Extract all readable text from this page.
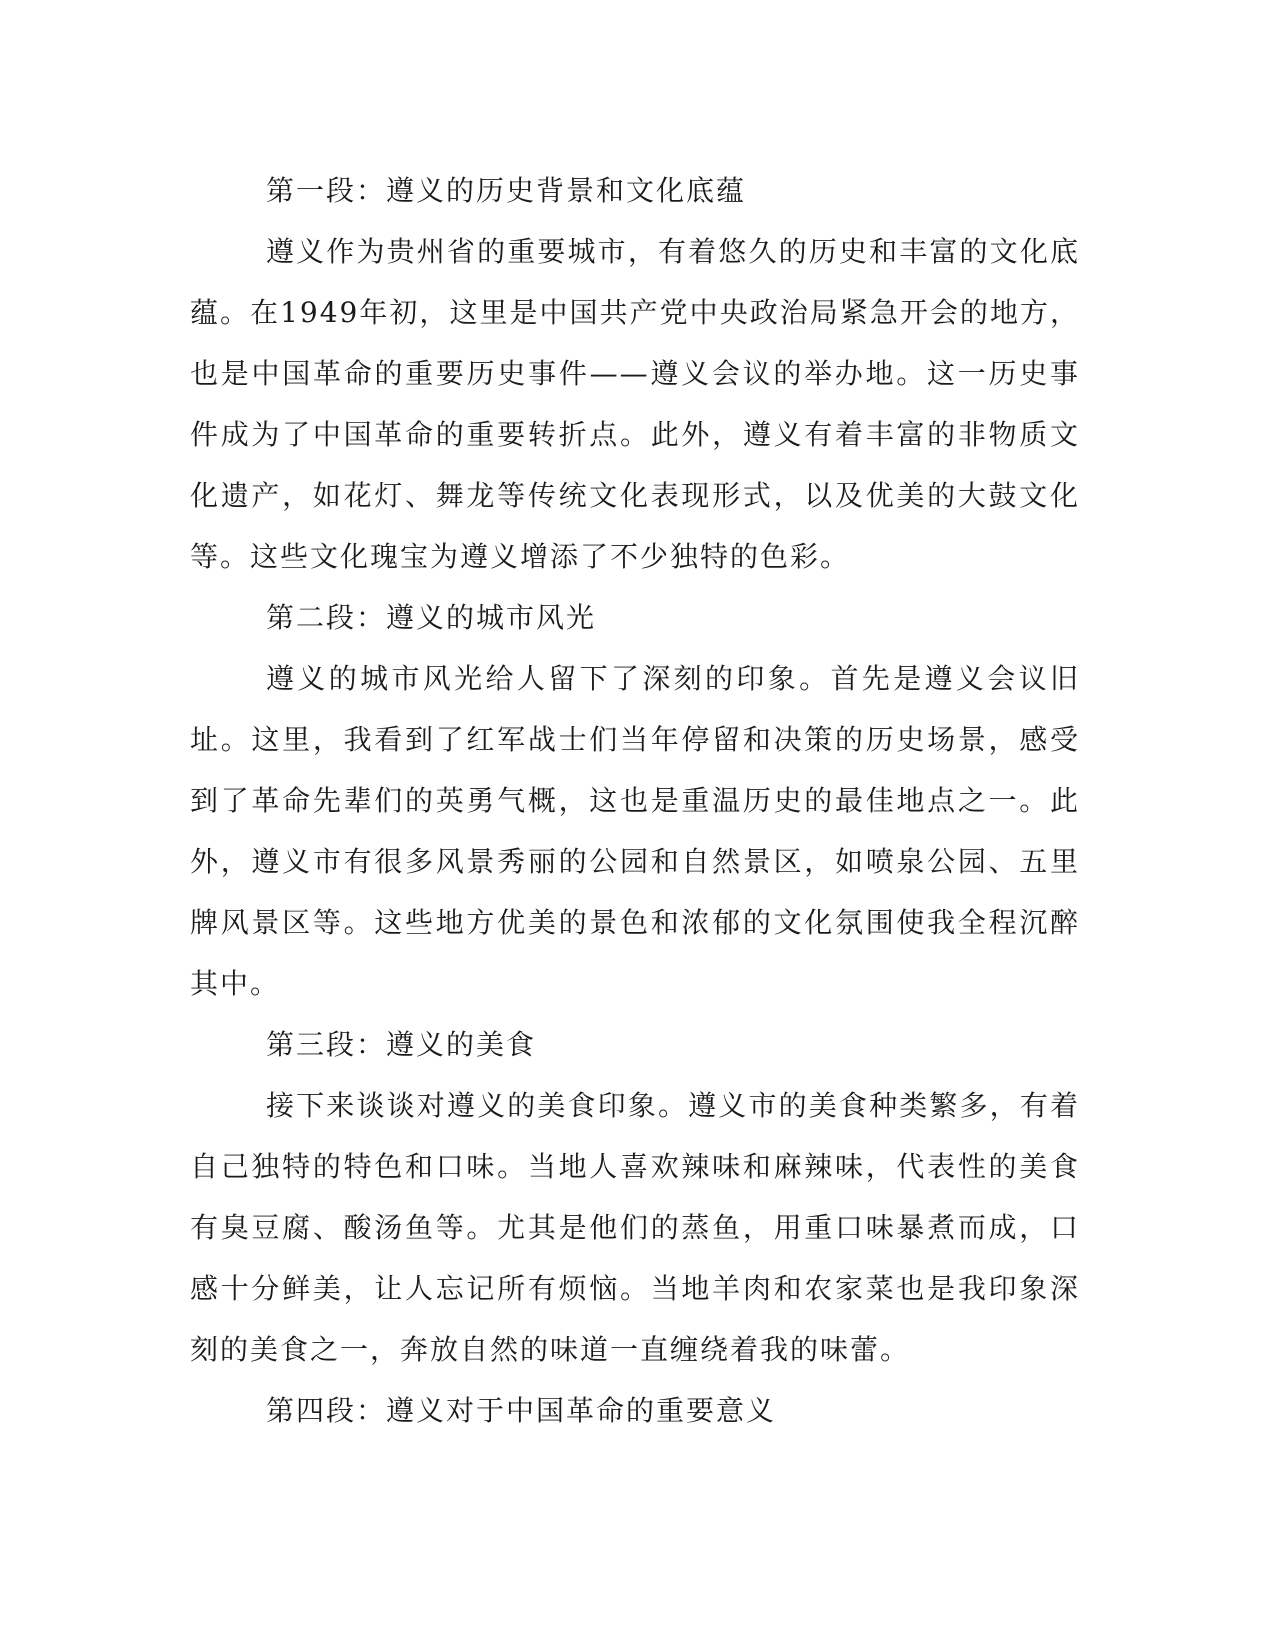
第一段：遵义的历史背景和文化底蕴

遵义作为贵州省的重要城市，有着悠久的历史和丰富的文化底蕴。在1949年初，这里是中国共产党中央政治局紧急开会的地方，也是中国革命的重要历史事件——遵义会议的举办地。这一历史事件成为了中国革命的重要转折点。此外，遵义有着丰富的非物质文化遗产，如花灯、舞龙等传统文化表现形式，以及优美的大鼓文化等。这些文化瑰宝为遵义增添了不少独特的色彩。

第二段：遵义的城市风光

遵义的城市风光给人留下了深刻的印象。首先是遵义会议旧址。这里，我看到了红军战士们当年停留和决策的历史场景，感受到了革命先辈们的英勇气概，这也是重温历史的最佳地点之一。此外，遵义市有很多风景秀丽的公园和自然景区，如喷泉公园、五里牌风景区等。这些地方优美的景色和浓郁的文化氛围使我全程沉醉其中。

第三段：遵义的美食

接下来谈谈对遵义的美食印象。遵义市的美食种类繁多，有着自己独特的特色和口味。当地人喜欢辣味和麻辣味，代表性的美食有臭豆腐、酸汤鱼等。尤其是他们的蒸鱼，用重口味暴煮而成，口感十分鲜美，让人忘记所有烦恼。当地羊肉和农家菜也是我印象深刻的美食之一，奔放自然的味道一直缠绕着我的味蕾。

第四段：遵义对于中国革命的重要意义
